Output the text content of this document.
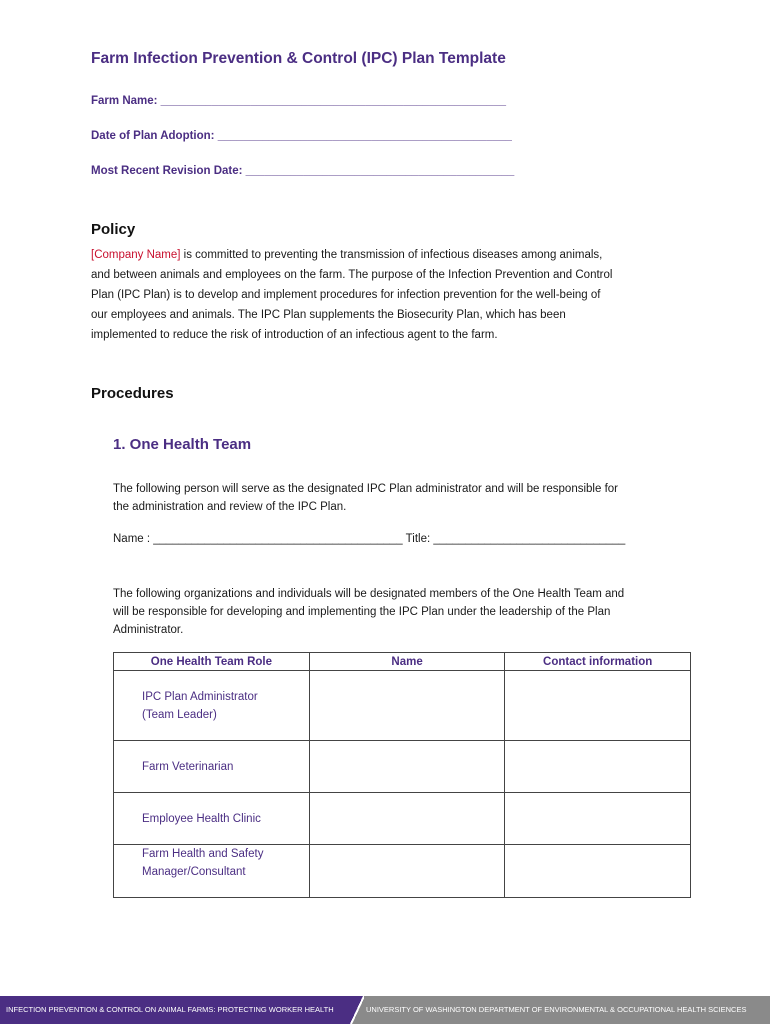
Farm Infection Prevention & Control (IPC) Plan Template
Farm Name: ______________________________________________________
Date of Plan Adoption: ______________________________________________
Most Recent Revision Date: __________________________________________
Policy
[Company Name] is committed to preventing the transmission of infectious diseases among animals,
and between animals and employees on the farm. The purpose of the Infection Prevention and Control
Plan (IPC Plan) is to develop and implement procedures for infection prevention for the well-being of
our employees and animals. The IPC Plan supplements the Biosecurity Plan, which has been
implemented to reduce the risk of introduction of an infectious agent to the farm.
Procedures
1. One Health Team
The following person will serve as the designated IPC Plan administrator and will be responsible for
the administration and review of the IPC Plan.
Name : _______________________________________ Title: ______________________________
The following organizations and individuals will be designated members of the One Health Team and
will be responsible for developing and implementing the IPC Plan under the leadership of the Plan
Administrator.
One Health Team Role	Name	Contact information

IPC Plan Administrator
(Team Leader)		

Farm Veterinarian		

Employee Health Clinic		

Farm Health and Safety
Manager/Consultant		

INFECTION PREVENTION & CONTROL ON ANIMAL FARMS: PROTECTING WORKER HEALTH	UNIVERSITY OF WASHINGTON DEPARTMENT OF ENVIRONMENTAL & OCCUPATIONAL HEALTH SCIENCES
